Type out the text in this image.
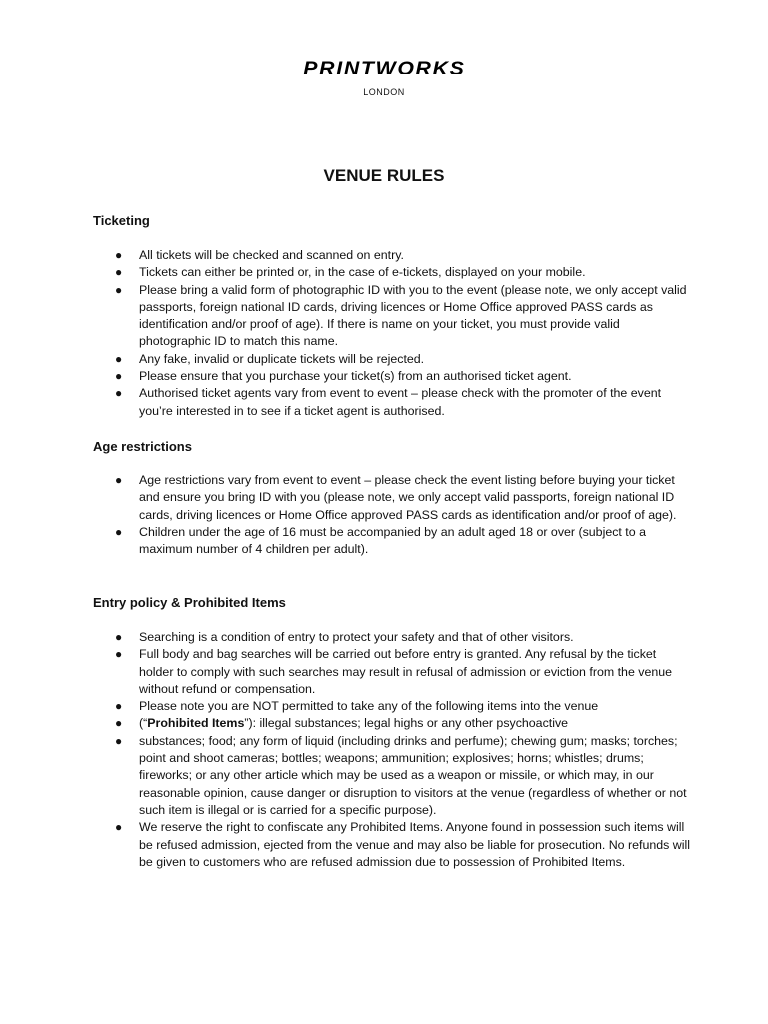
PRINTWORKS
LONDON
VENUE RULES
Ticketing
● All tickets will be checked and scanned on entry.
● Tickets can either be printed or, in the case of e-tickets, displayed on your mobile.
● Please bring a valid form of photographic ID with you to the event (please note, we only accept valid passports, foreign national ID cards, driving licences or Home Office approved PASS cards as identification and/or proof of age). If there is name on your ticket, you must provide valid photographic ID to match this name.
● Any fake, invalid or duplicate tickets will be rejected.
● Please ensure that you purchase your ticket(s) from an authorised ticket agent.
● Authorised ticket agents vary from event to event – please check with the promoter of the event you’re interested in to see if a ticket agent is authorised.
Age restrictions
● Age restrictions vary from event to event – please check the event listing before buying your ticket and ensure you bring ID with you (please note, we only accept valid passports, foreign national ID cards, driving licences or Home Office approved PASS cards as identification and/or proof of age).
● Children under the age of 16 must be accompanied by an adult aged 18 or over (subject to a maximum number of 4 children per adult).
Entry policy & Prohibited Items
● Searching is a condition of entry to protect your safety and that of other visitors.
● Full body and bag searches will be carried out before entry is granted. Any refusal by the ticket holder to comply with such searches may result in refusal of admission or eviction from the venue without refund or compensation.
● Please note you are NOT permitted to take any of the following items into the venue
● (“Prohibited Items”): illegal substances; legal highs or any other psychoactive
● substances; food; any form of liquid (including drinks and perfume); chewing gum; masks; torches; point and shoot cameras; bottles; weapons; ammunition; explosives; horns; whistles; drums; fireworks; or any other article which may be used as a weapon or missile, or which may, in our reasonable opinion, cause danger or disruption to visitors at the venue (regardless of whether or not such item is illegal or is carried for a specific purpose).
● We reserve the right to confiscate any Prohibited Items. Anyone found in possession such items will be refused admission, ejected from the venue and may also be liable for prosecution. No refunds will be given to customers who are refused admission due to possession of Prohibited Items.
